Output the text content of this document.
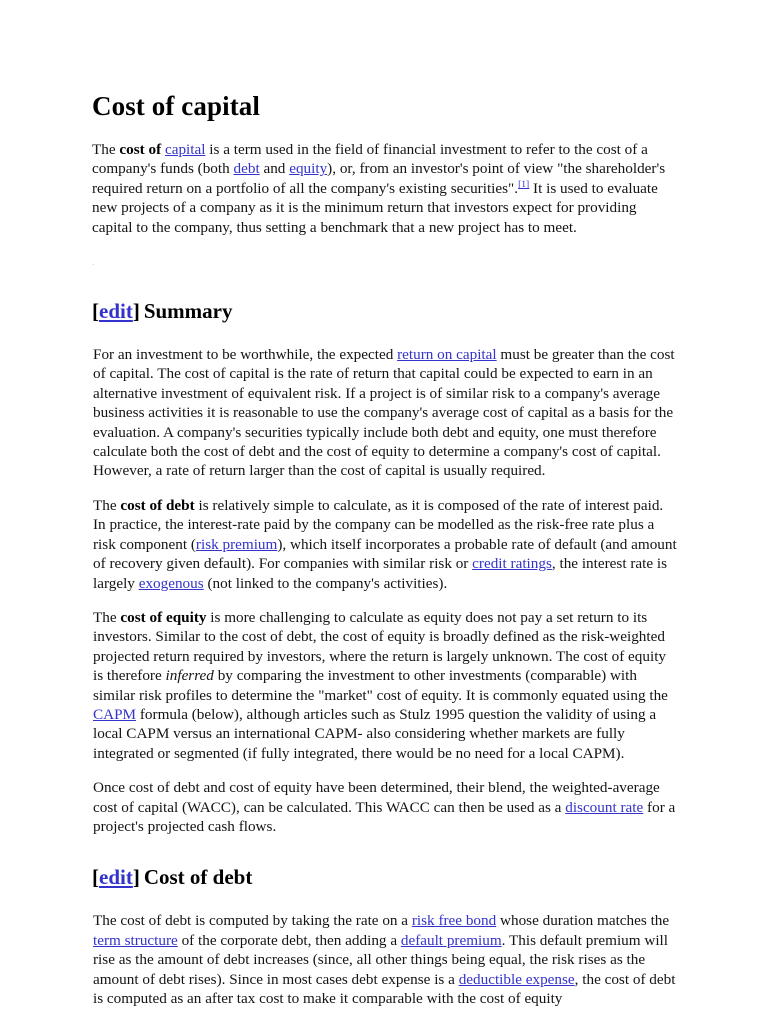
Cost of capital
.

The cost of capital is a term used in the field of financial investment to refer to the cost of a company's funds (both debt and equity), or, from an investor's point of view "the shareholder's required return on a portfolio of all the company's existing securities".[1] It is used to evaluate new projects of a company as it is the minimum return that investors expect for providing capital to the company, thus setting a benchmark that a new project has to meet.

[edit] Summary

For an investment to be worthwhile, the expected return on capital must be greater than the cost of capital. The cost of capital is the rate of return that capital could be expected to earn in an alternative investment of equivalent risk. If a project is of similar risk to a company's average business activities it is reasonable to use the company's average cost of capital as a basis for the evaluation. A company's securities typically include both debt and equity, one must therefore calculate both the cost of debt and the cost of equity to determine a company's cost of capital. However, a rate of return larger than the cost of capital is usually required.

The cost of debt is relatively simple to calculate, as it is composed of the rate of interest paid. In practice, the interest-rate paid by the company can be modelled as the risk-free rate plus a risk component (risk premium), which itself incorporates a probable rate of default (and amount of recovery given default). For companies with similar risk or credit ratings, the interest rate is largely exogenous (not linked to the company's activities).

The cost of equity is more challenging to calculate as equity does not pay a set return to its investors. Similar to the cost of debt, the cost of equity is broadly defined as the risk-weighted projected return required by investors, where the return is largely unknown. The cost of equity is therefore inferred by comparing the investment to other investments (comparable) with similar risk profiles to determine the "market" cost of equity. It is commonly equated using the CAPM formula (below), although articles such as Stulz 1995 question the validity of using a local CAPM versus an international CAPM- also considering whether markets are fully integrated or segmented (if fully integrated, there would be no need for a local CAPM).

Once cost of debt and cost of equity have been determined, their blend, the weighted-average cost of capital (WACC), can be calculated. This WACC can then be used as a discount rate for a project's projected cash flows.

[edit] Cost of debt

The cost of debt is computed by taking the rate on a risk free bond whose duration matches the term structure of the corporate debt, then adding a default premium. This default premium will rise as the amount of debt increases (since, all other things being equal, the risk rises as the amount of debt rises). Since in most cases debt expense is a deductible expense, the cost of debt is computed as an after tax cost to make it comparable with the cost of equity
